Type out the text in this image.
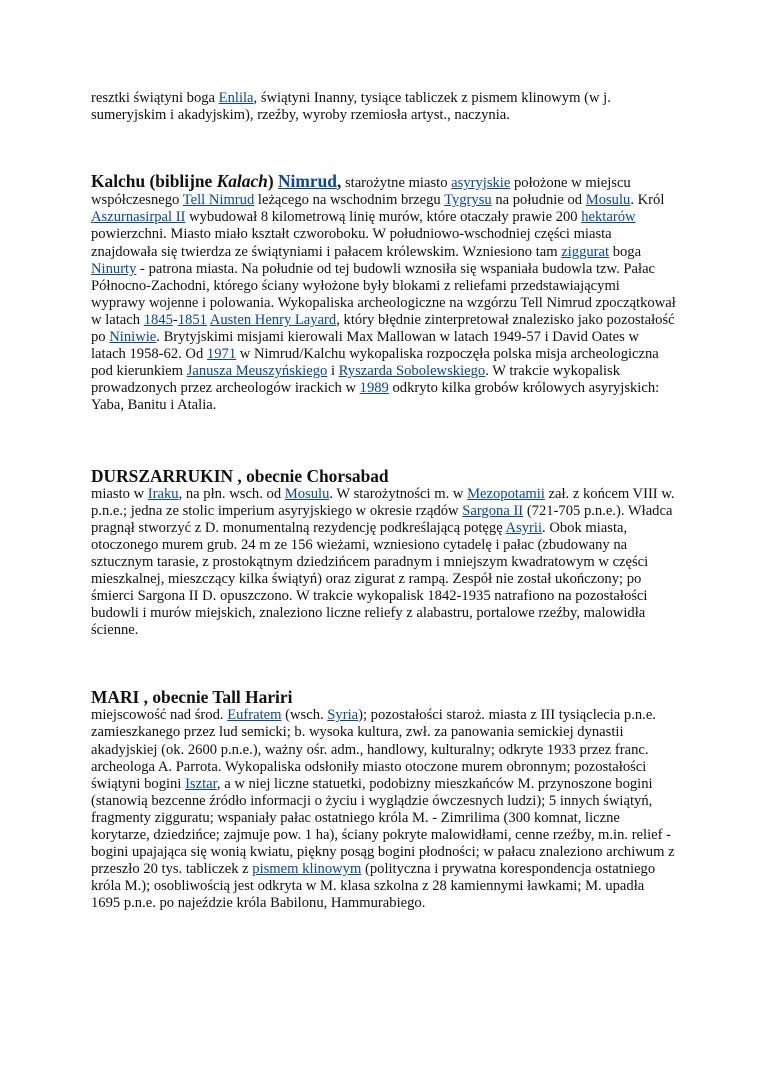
resztki świątyni boga Enlila, świątyni Inanny, tysiące tabliczek z pismem klinowym (w j. sumeryjskim i akadyjskim), rzeźby, wyroby rzemiosła artyst., naczynia.

Kalchu (biblijne Kalach) Nimrud, starożytne miasto asyryjskie położone w miejscu współczesnego Tell Nimrud leżącego na wschodnim brzegu Tygrysu na południe od Mosulu. Król Aszurnasirpal II wybudował 8 kilometrową linię murów, które otaczały prawie 200 hektarów powierzchni. Miasto miało kształt czworoboku. W południowo-wschodniej części miasta znajdowała się twierdza ze świątyniami i pałacem królewskim. Wzniesiono tam ziggurat boga Ninurty - patrona miasta. Na południe od tej budowli wznosiła się wspaniała budowla tzw. Pałac Północno-Zachodni, którego ściany wyłożone były blokami z reliefami przedstawiającymi wyprawy wojenne i polowania. Wykopaliska archeologiczne na wzgórzu Tell Nimrud zpoczątkował w latach 1845-1851 Austen Henry Layard, który błędnie zinterpretował znalezisko jako pozostałość po Niniwie. Brytyjskimi misjami kierowali Max Mallowan w latach 1949-57 i David Oates w latach 1958-62. Od 1971 w Nimrud/Kalchu wykopaliska rozpoczęła polska misja archeologiczna pod kierunkiem Janusza Meuszyńskiego i Ryszarda Sobolewskiego. W trakcie wykopalisk prowadzonych przez archeologów irackich w 1989 odkryto kilka grobów królowych asyryjskich: Yaba, Banitu i Atalia.

DURSZARRUKIN , obecnie Chorsabad

miasto w Iraku, na płn. wsch. od Mosulu. W starożytności m. w Mezopotamii zał. z końcem VIII w. p.n.e.; jedna ze stolic imperium asyryjskiego w okresie rządów Sargona II (721-705 p.n.e.). Władca pragnął stworzyć z D. monumentalną rezydencję podkreślającą potęgę Asyrii. Obok miasta, otoczonego murem grub. 24 m ze 156 wieżami, wzniesiono cytadelę i pałac (zbudowany na sztucznym tarasie, z prostokątnym dziedzińcem paradnym i mniejszym kwadratowym w części mieszkalnej, mieszczący kilka świątyń) oraz zigurat z rampą. Zespół nie został ukończony; po śmierci Sargona II D. opuszczono. W trakcie wykopalisk 1842-1935 natrafiono na pozostałości budowli i murów miejskich, znaleziono liczne reliefy z alabastru, portalowe rzeźby, malowidła ścienne.

MARI , obecnie Tall Hariri

miejscowość nad środ. Eufratem (wsch. Syria); pozostałości staroż. miasta z III tysiąclecia p.n.e. zamieszkanego przez lud semicki; b. wysoka kultura, zwł. za panowania semickiej dynastii akadyjskiej (ok. 2600 p.n.e.), ważny ośr. adm., handlowy, kulturalny; odkryte 1933 przez franc. archeologa A. Parrota. Wykopaliska odsłoniły miasto otoczone murem obronnym; pozostałości świątyni bogini Isztar, a w niej liczne statuetki, podobizny mieszkańców M. przynoszone bogini (stanowią bezcenne źródło informacji o życiu i wyglądzie ówczesnych ludzi); 5 innych świątyń, fragmenty zigguratu; wspaniały pałac ostatniego króla M. - Zimrilima (300 komnat, liczne korytarze, dziedzińce; zajmuje pow. 1 ha), ściany pokryte malowidłami, cenne rzeźby, m.in. relief - bogini upajająca się wonią kwiatu, piękny posąg bogini płodności; w pałacu znaleziono archiwum z przeszło 20 tys. tabliczek z pismem klinowym (polityczna i prywatna korespondencja ostatniego króla M.); osobliwością jest odkryta w M. klasa szkolna z 28 kamiennymi ławkami; M. upadła 1695 p.n.e. po najeździe króla Babilonu, Hammurabiego.
